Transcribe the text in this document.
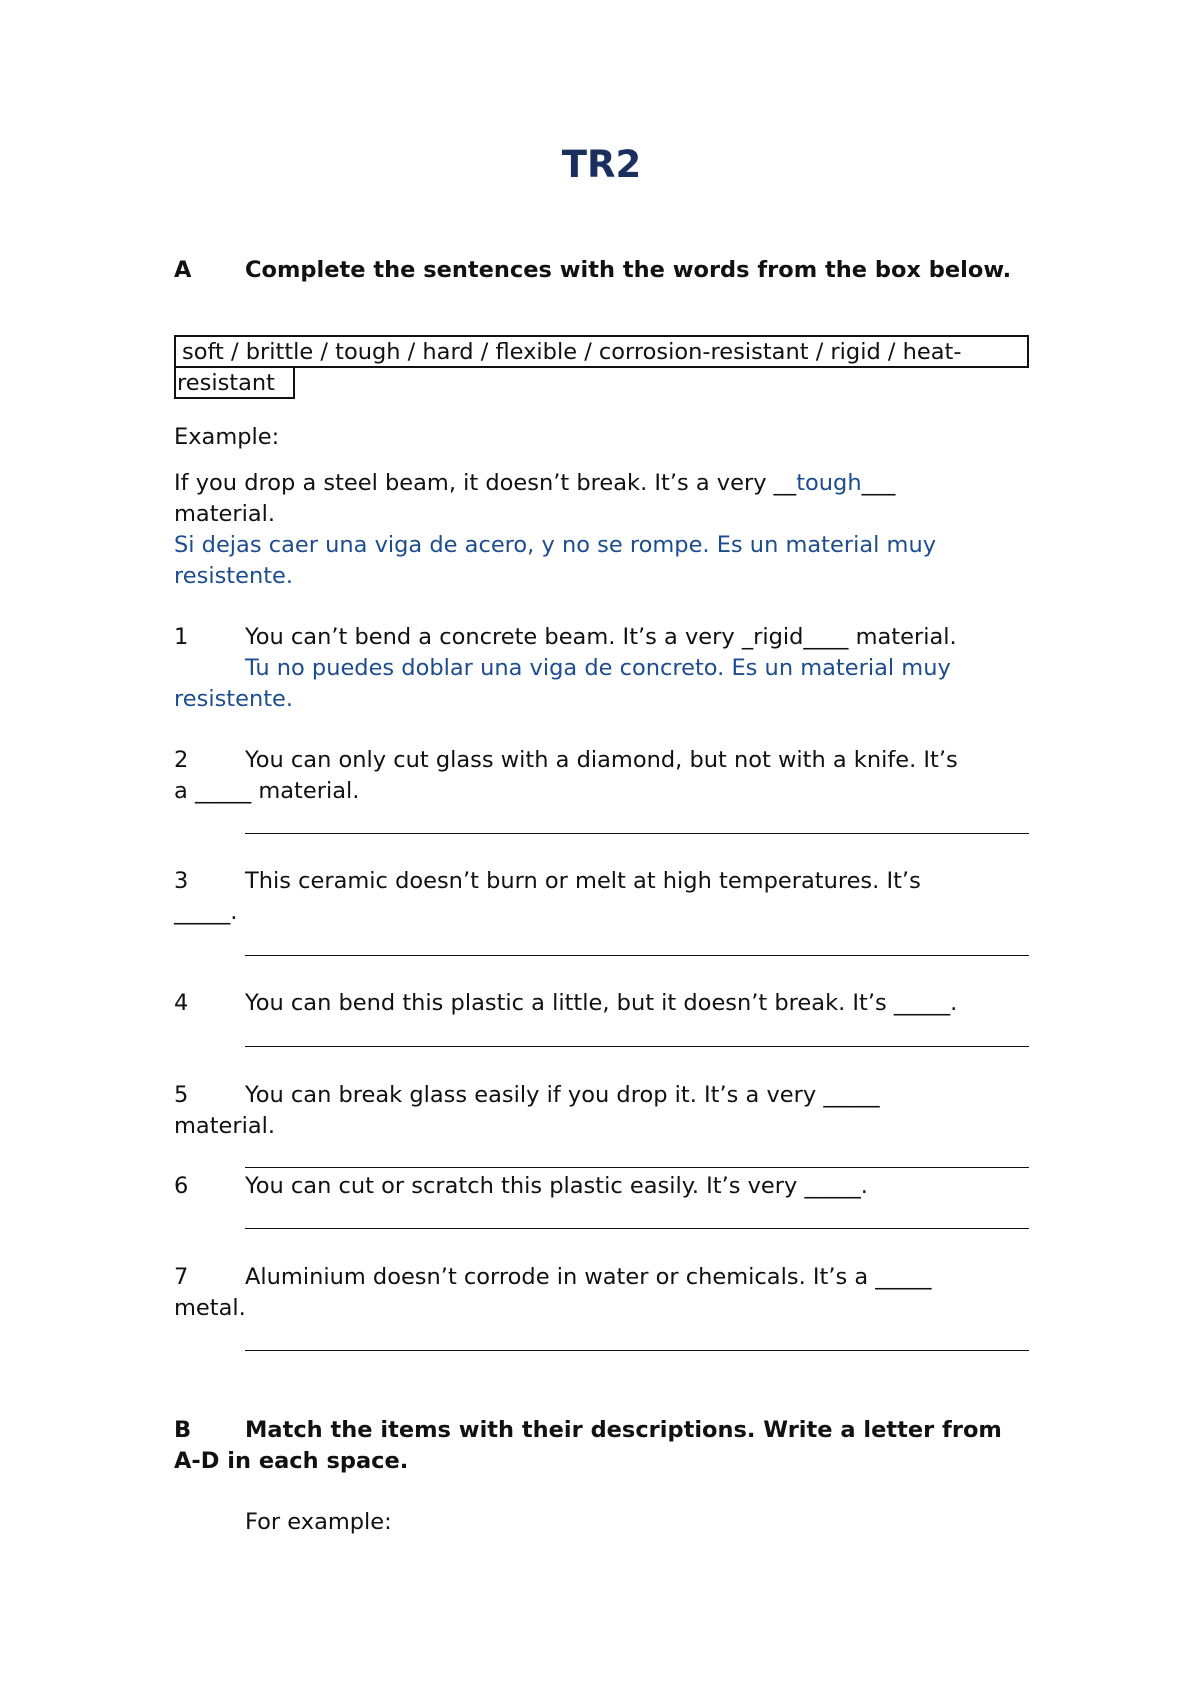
TR2
A Complete the sentences with the words from the box below.
soft / brittle / tough / hard / flexible / corrosion-resistant / rigid / heat-
resistant
Example:
If you drop a steel beam, it doesn’t break. It’s a very __tough___
material.
Si dejas caer una viga de acero, y no se rompe. Es un material muy
resistente.
1	You can’t bend a concrete beam. It’s a very _rigid____ material.
Tu no puedes doblar una viga de concreto. Es un material muy
resistente.
2	You can only cut glass with a diamond, but not with a knife. It’s
a _____ material.
3	This ceramic doesn’t burn or melt at high temperatures. It’s
_____.
4	You can bend this plastic a little, but it doesn’t break. It’s _____.
5	You can break glass easily if you drop it. It’s a very _____
material.
6	You can cut or scratch this plastic easily. It’s very _____.
7	Aluminium doesn’t corrode in water or chemicals. It’s a _____
metal.
B Match the items with their descriptions. Write a letter from A-D in each space.
For example:
